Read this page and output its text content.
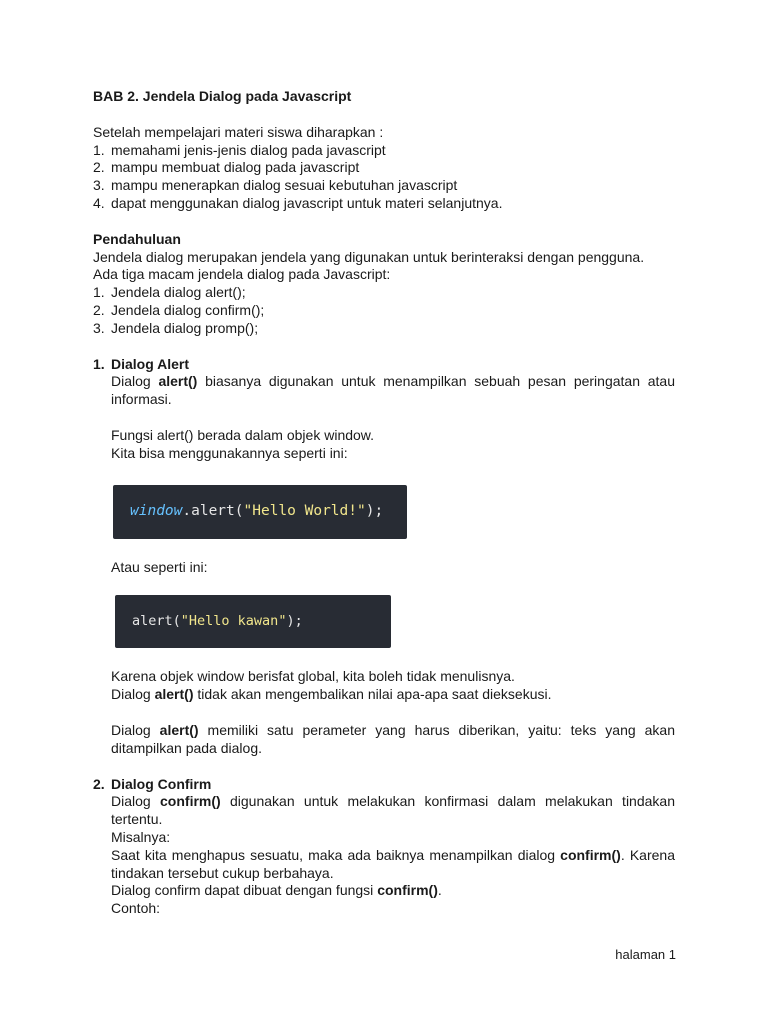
BAB 2. Jendela Dialog pada Javascript
Setelah mempelajari materi siswa diharapkan :
1. memahami jenis-jenis dialog pada javascript
2. mampu membuat dialog pada javascript
3. mampu menerapkan dialog sesuai kebutuhan javascript
4. dapat menggunakan dialog javascript untuk materi selanjutnya.
Pendahuluan
Jendela dialog merupakan jendela yang digunakan untuk berinteraksi dengan pengguna.
Ada tiga macam jendela dialog pada Javascript:
1. Jendela dialog alert();
2. Jendela dialog confirm();
3. Jendela dialog promp();
1. Dialog Alert
Dialog alert() biasanya digunakan untuk menampilkan sebuah pesan peringatan atau informasi.
Fungsi alert() berada dalam objek window.
Kita bisa menggunakannya seperti ini:
window .alert( "Hello World!" );
Atau seperti ini:
alert( "Hello kawan" );
Karena objek window berisfat global, kita boleh tidak menulisnya.
Dialog alert() tidak akan mengembalikan nilai apa-apa saat dieksekusi.
Dialog alert() memiliki satu perameter yang harus diberikan, yaitu: teks yang akan ditampilkan pada dialog.
2. Dialog Confirm
Dialog confirm() digunakan untuk melakukan konfirmasi dalam melakukan tindakan tertentu.
Misalnya:
Saat kita menghapus sesuatu, maka ada baiknya menampilkan dialog confirm(). Karena tindakan tersebut cukup berbahaya.
Dialog confirm dapat dibuat dengan fungsi confirm().
Contoh:
halaman 1
